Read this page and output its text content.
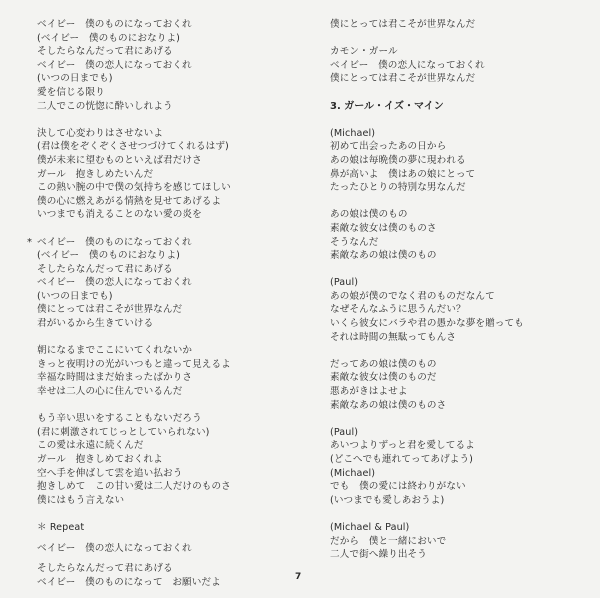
ベイビー　僕のものになっておくれ
(ベイビー　僕のものにおなりよ)
そしたらなんだって君にあげる
ベイビー　僕の恋人になっておくれ
(いつの日までも)
愛を信じる限り
二人でこの恍惚に酔いしれよう
決して心変わりはさせないよ
(君は僕をぞくぞくさせつづけてくれるはず)
僕が未来に望むものといえば君だけさ
ガール　抱きしめたいんだ
この熱い腕の中で僕の気持ちを感じてほしい
僕の心に燃えあがる情熱を見せてあげるよ
いつまでも消えることのない愛の炎を
* ベイビー　僕のものになっておくれ
(ベイビー　僕のものにおなりよ)
そしたらなんだって君にあげる
ベイビー　僕の恋人になっておくれ
(いつの日までも)
僕にとっては君こそが世界なんだ
君がいるから生きていける
朝になるまでここにいてくれないか
きっと夜明けの光がいつもと違って見えるよ
幸福な時間はまだ始まったばかりさ
幸せは二人の心に住んでいるんだ
もう辛い思いをすることもないだろう
(君に刺激されてじっとしていられない)
この愛は永遠に続くんだ
ガール　抱きしめておくれよ
空へ手を伸ばして雲を追い払おう
抱きしめて　この甘い愛は二人だけのものさ
僕にはもう言えない
＊ Repeat
ベイビー　僕の恋人になっておくれ
そしたらなんだって君にあげる
ベイビー　僕のものになって　お願いだよ
僕にとっては君こそが世界なんだ
カモン・ガール
ベイビー　僕の恋人になっておくれ
僕にとっては君こそが世界なんだ
3. ガール・イズ・マイン
(Michael)
初めて出会ったあの日から
あの娘は毎晩僕の夢に現われる
鼻が高いよ　僕はあの娘にとって
たったひとりの特別な男なんだ
あの娘は僕のもの
素敵な彼女は僕のものさ
そうなんだ
素敵なあの娘は僕のもの
(Paul)
あの娘が僕のでなく君のものだなんて
なぜそんなふうに思うんだい？
いくら彼女にバラや君の愚かな夢を贈っても
それは時間の無駄ってもんさ
だってあの娘は僕のもの
素敵な彼女は僕のものだ
悪あがきはよせよ
素敵なあの娘は僕のものさ
(Paul)
あいつよりずっと君を愛してるよ
(どこへでも連れてってあげよう)
(Michael)
でも　僕の愛には終わりがない
(いつまでも愛しあおうよ)
(Michael & Paul)
だから　僕と一緒においで
二人で街へ繰り出そう
7
